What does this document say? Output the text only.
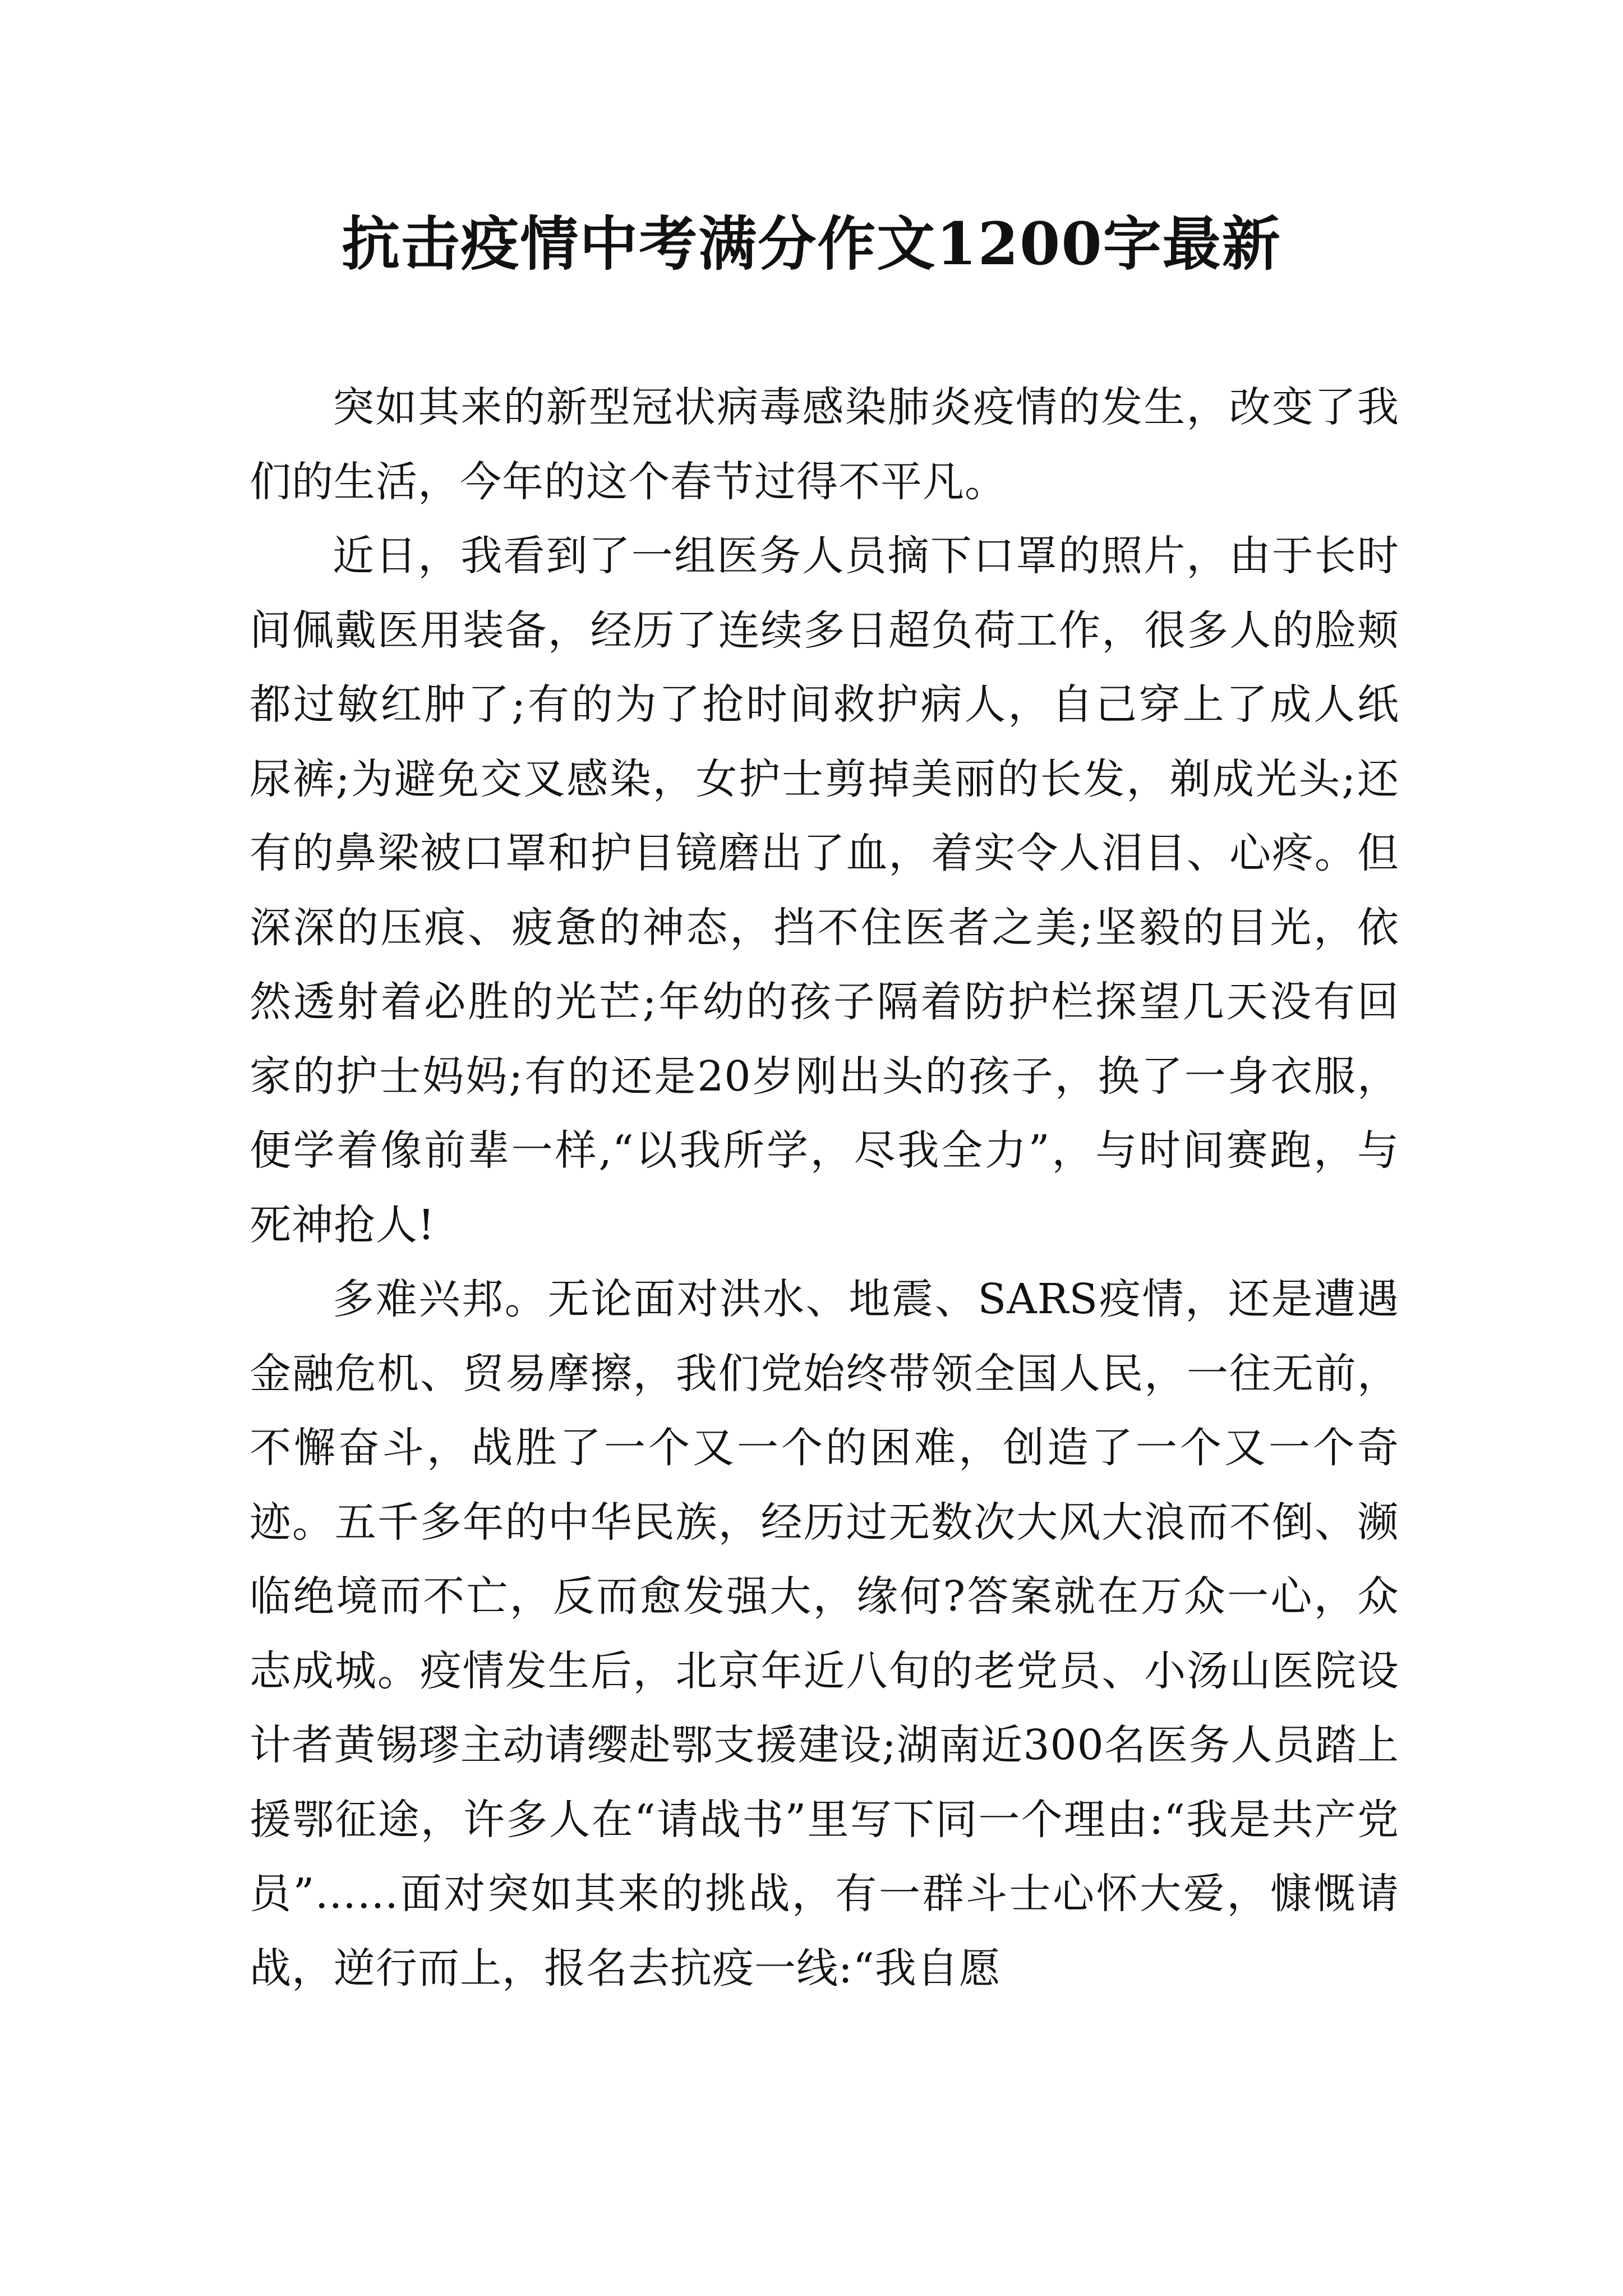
抗击疫情中考满分作文1200字最新

突如其来的新型冠状病毒感染肺炎疫情的发生，改变了我们的生活，今年的这个春节过得不平凡。

近日，我看到了一组医务人员摘下口罩的照片，由于长时间佩戴医用装备，经历了连续多日超负荷工作，很多人的脸颊都过敏红肿了;有的为了抢时间救护病人，自己穿上了成人纸尿裤;为避免交叉感染，女护士剪掉美丽的长发，剃成光头;还有的鼻梁被口罩和护目镜磨出了血，着实令人泪目、心疼。但深深的压痕、疲惫的神态，挡不住医者之美;坚毅的目光，依然透射着必胜的光芒;年幼的孩子隔着防护栏探望几天没有回家的护士妈妈;有的还是20岁刚出头的孩子，换了一身衣服，便学着像前辈一样,“以我所学，尽我全力”，与时间赛跑，与死神抢人!

多难兴邦。无论面对洪水、地震、SARS疫情，还是遭遇金融危机、贸易摩擦，我们党始终带领全国人民，一往无前，不懈奋斗，战胜了一个又一个的困难，创造了一个又一个奇迹。五千多年的中华民族，经历过无数次大风大浪而不倒、濒临绝境而不亡，反而愈发强大，缘何?答案就在万众一心，众志成城。疫情发生后，北京年近八旬的老党员、小汤山医院设计者黄锡璆主动请缨赴鄂支援建设;湖南近300名医务人员踏上援鄂征途，许多人在“请战书”里写下同一个理由:“我是共产党员”……面对突如其来的挑战，有一群斗士心怀大爱，慷慨请战，逆行而上，报名去抗疫一线:“我自愿
